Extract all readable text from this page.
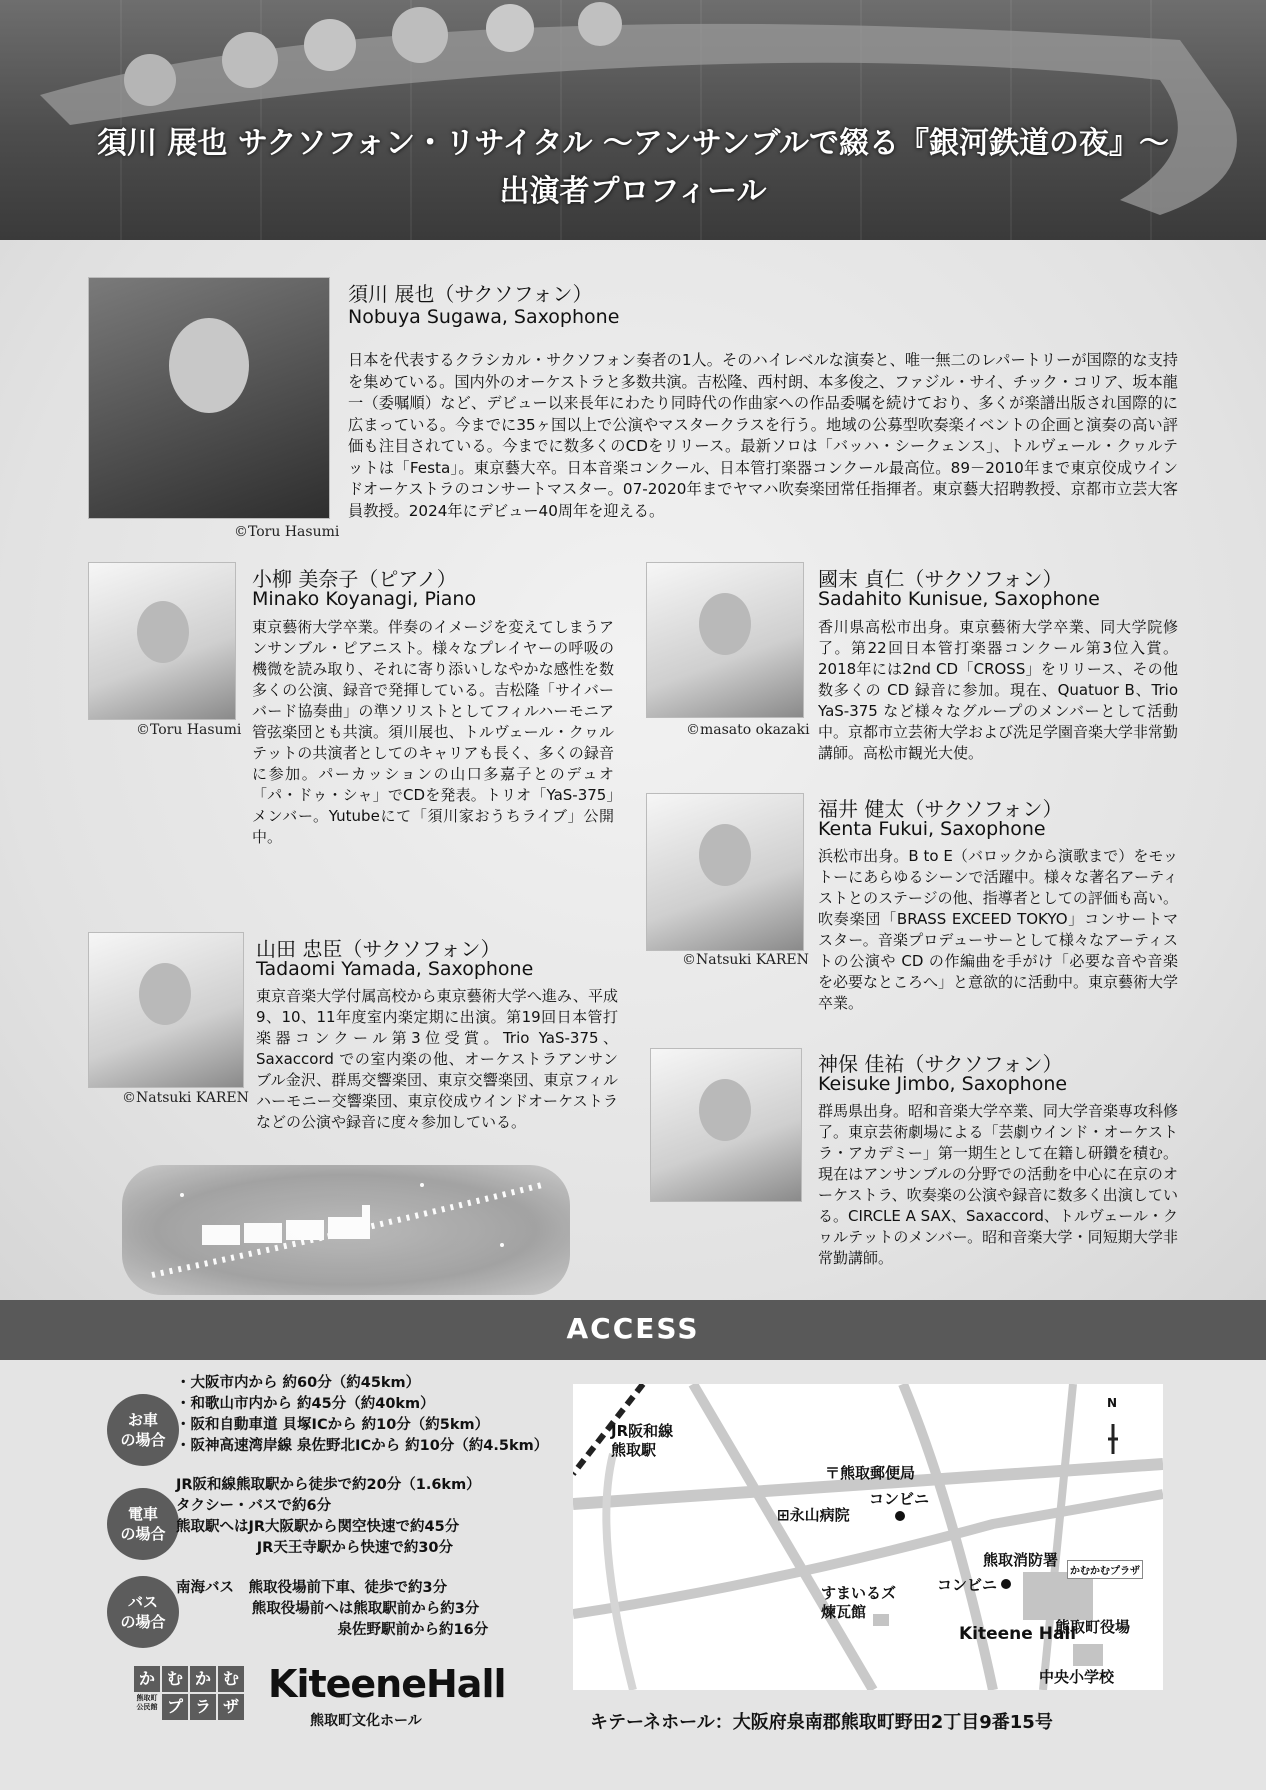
須川 展也 サクソフォン・リサイタル ～アンサンブルで綴る『銀河鉄道の夜』～
出演者プロフィール
©Toru Hasumi
須川 展也（サクソフォン）
Nobuya Sugawa, Saxophone
日本を代表するクラシカル・サクソフォン奏者の1人。そのハイレベルな演奏と、唯一無二のレパートリーが国際的な支持を集めている。国内外のオーケストラと多数共演。吉松隆、西村朗、本多俊之、ファジル・サイ、チック・コリア、坂本龍一（委嘱順）など、デビュー以来長年にわたり同時代の作曲家への作品委嘱を続けており、多くが楽譜出版され国際的に広まっている。今までに35ヶ国以上で公演やマスタークラスを行う。地域の公募型吹奏楽イベントの企画と演奏の高い評価も注目されている。今までに数多くのCDをリリース。最新ソロは「バッハ・シークェンス」、トルヴェール・クヮルテットは「Festa」。東京藝大卒。日本音楽コンクール、日本管打楽器コンクール最高位。89－2010年まで東京佼成ウインドオーケストラのコンサートマスター。07-2020年までヤマハ吹奏楽団常任指揮者。東京藝大招聘教授、京都市立芸大客員教授。2024年にデビュー40周年を迎える。
©Toru Hasumi
小柳 美奈子（ピアノ）
Minako Koyanagi, Piano
東京藝術大学卒業。伴奏のイメージを変えてしまうアンサンブル・ピアニスト。様々なプレイヤーの呼吸の機微を読み取り、それに寄り添いしなやかな感性を数多くの公演、録音で発揮している。吉松隆「サイバーバード協奏曲」の準ソリストとしてフィルハーモニア管弦楽団とも共演。須川展也、トルヴェール・クヮルテットの共演者としてのキャリアも長く、多くの録音に参加。パーカッションの山口多嘉子とのデュオ「パ・ドゥ・シャ」でCDを発表。トリオ「YaS-375」メンバー。Yutubeにて「須川家おうちライブ」公開中。
©masato okazaki
國末 貞仁（サクソフォン）
Sadahito Kunisue, Saxophone
香川県高松市出身。東京藝術大学卒業、同大学院修了。第22回日本管打楽器コンクール第3位入賞。2018年には2nd CD「CROSS」をリリース、その他数多くの CD 録音に参加。現在、Quatuor B、Trio YaS-375 など様々なグループのメンバーとして活動中。京都市立芸術大学および洗足学園音楽大学非常勤講師。高松市観光大使。
©Natsuki KAREN
福井 健太（サクソフォン）
Kenta Fukui, Saxophone
浜松市出身。B to E（バロックから演歌まで）をモットーにあらゆるシーンで活躍中。様々な著名アーティストとのステージの他、指導者としての評価も高い。吹奏楽団「BRASS EXCEED TOKYO」コンサートマスター。音楽プロデューサーとして様々なアーティストの公演や CD の作編曲を手がけ「必要な音や音楽を必要なところへ」と意欲的に活動中。東京藝術大学卒業。
©Natsuki KAREN
山田 忠臣（サクソフォン）
Tadaomi Yamada, Saxophone
東京音楽大学付属高校から東京藝術大学へ進み、平成9、10、11年度室内楽定期に出演。第19回日本管打楽器コンクール第3位受賞。Trio YaS-375、Saxaccord での室内楽の他、オーケストラアンサンブル金沢、群馬交響楽団、東京交響楽団、東京フィルハーモニー交響楽団、東京佼成ウインドオーケストラなどの公演や録音に度々参加している。
神保 佳祐（サクソフォン）
Keisuke Jimbo, Saxophone
群馬県出身。昭和音楽大学卒業、同大学音楽専攻科修了。東京芸術劇場による「芸劇ウインド・オーケストラ・アカデミー」第一期生として在籍し研鑽を積む。現在はアンサンブルの分野での活動を中心に在京のオーケストラ、吹奏楽の公演や録音に数多く出演している。CIRCLE A SAX、Saxaccord、トルヴェール・クヮルテットのメンバー。昭和音楽大学・同短期大学非常勤講師。
ACCESS
お車
の場合
・大阪市内から 約60分（約45km）
・和歌山市内から 約45分（約40km）
・阪和自動車道 貝塚ICから 約10分（約5km）
・阪神高速湾岸線 泉佐野北ICから 約10分（約4.5km）
電車
の場合
JR阪和線熊取駅から徒歩で約20分（1.6km）
タクシー・バスで約6分
熊取駅へはJR大阪駅から関空快速で約45分
JR天王寺駅から快速で約30分
バス
の場合
南海バス　熊取役場前下車、徒歩で約3分
熊取役場前へは熊取駅前から約3分
泉佐野駅前から約16分
か む か む
熊取町
公民館 プ ラ ザ
KiteeneHall
熊取町文化ホール
JR阪和線
熊取駅
〒熊取郵便局
コンビニ
⊞永山病院
熊取消防署
コンビニ
すまいるズ
煉瓦館
Kiteene Hall
熊取町役場
中央小学校
N
かむかむプラザ
キテーネホール：大阪府泉南郡熊取町野田2丁目9番15号
